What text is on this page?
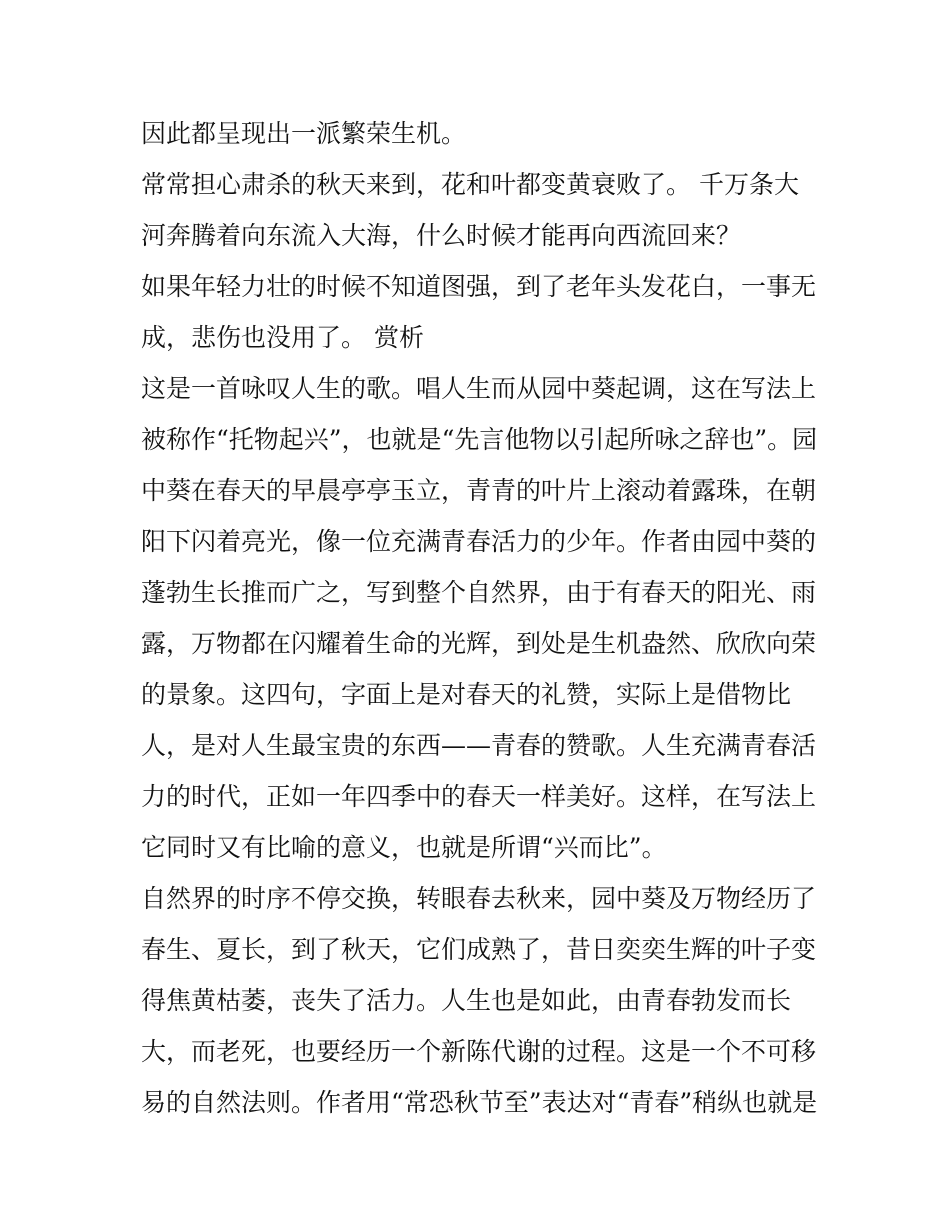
因此都呈现出一派繁荣生机。
常常担心肃杀的秋天来到，花和叶都变黄衰败了。 千万条大
河奔腾着向东流入大海，什么时候才能再向西流回来？
如果年轻力壮的时候不知道图强，到了老年头发花白，一事无
成，悲伤也没用了。 赏析
这是一首咏叹人生的歌。唱人生而从园中葵起调，这在写法上
被称作“托物起兴”，也就是“先言他物以引起所咏之辞也”。园
中葵在春天的早晨亭亭玉立，青青的叶片上滚动着露珠，在朝
阳下闪着亮光，像一位充满青春活力的少年。作者由园中葵的
蓬勃生长推而广之，写到整个自然界，由于有春天的阳光、雨
露，万物都在闪耀着生命的光辉，到处是生机盎然、欣欣向荣
的景象。这四句，字面上是对春天的礼赞，实际上是借物比
人，是对人生最宝贵的东西——青春的赞歌。人生充满青春活
力的时代，正如一年四季中的春天一样美好。这样，在写法上
它同时又有比喻的意义，也就是所谓“兴而比”。
自然界的时序不停交换，转眼春去秋来，园中葵及万物经历了
春生、夏长，到了秋天，它们成熟了，昔日奕奕生辉的叶子变
得焦黄枯萎，丧失了活力。人生也是如此，由青春勃发而长
大，而老死，也要经历一个新陈代谢的过程。这是一个不可移
易的自然法则。作者用“常恐秋节至”表达对“青春”稍纵也就是
